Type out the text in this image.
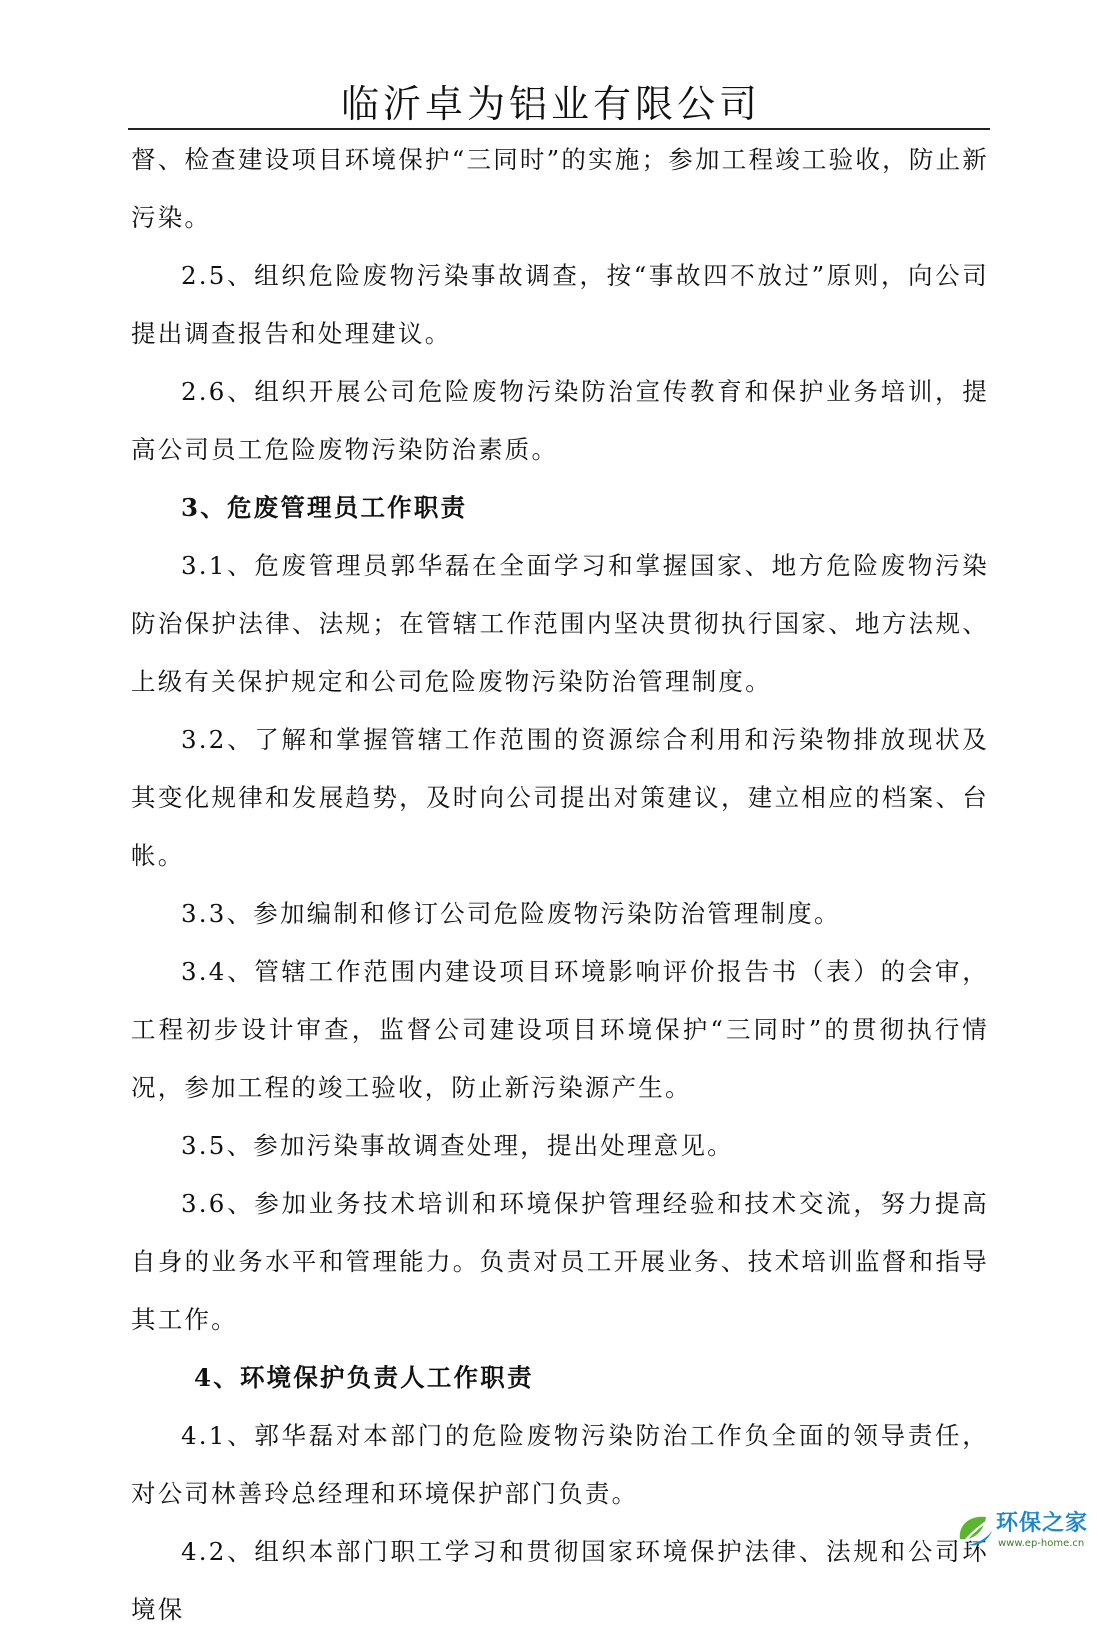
临沂卓为铝业有限公司

督、检查建设项目环境保护“三同时”的实施；参加工程竣工验收，防止新污染。

2.5、组织危险废物污染事故调查，按“事故四不放过”原则，向公司提出调查报告和处理建议。

2.6、组织开展公司危险废物污染防治宣传教育和保护业务培训，提高公司员工危险废物污染防治素质。

3、危废管理员工作职责

3.1、危废管理员郭华磊在全面学习和掌握国家、地方危险废物污染防治保护法律、法规；在管辖工作范围内坚决贯彻执行国家、地方法规、上级有关保护规定和公司危险废物污染防治管理制度。

3.2、了解和掌握管辖工作范围的资源综合利用和污染物排放现状及其变化规律和发展趋势，及时向公司提出对策建议，建立相应的档案、台帐。

3.3、参加编制和修订公司危险废物污染防治管理制度。

3.4、管辖工作范围内建设项目环境影响评价报告书（表）的会审，工程初步设计审查，监督公司建设项目环境保护“三同时”的贯彻执行情况，参加工程的竣工验收，防止新污染源产生。

3.5、参加污染事故调查处理，提出处理意见。

3.6、参加业务技术培训和环境保护管理经验和技术交流，努力提高自身的业务水平和管理能力。负责对员工开展业务、技术培训监督和指导其工作。

4、环境保护负责人工作职责

4.1、郭华磊对本部门的危险废物污染防治工作负全面的领导责任，对公司林善玲总经理和环境保护部门负责。

4.2、组织本部门职工学习和贯彻国家环境保护法律、法规和公司环境保

环保之家
www.ep-home.cn
